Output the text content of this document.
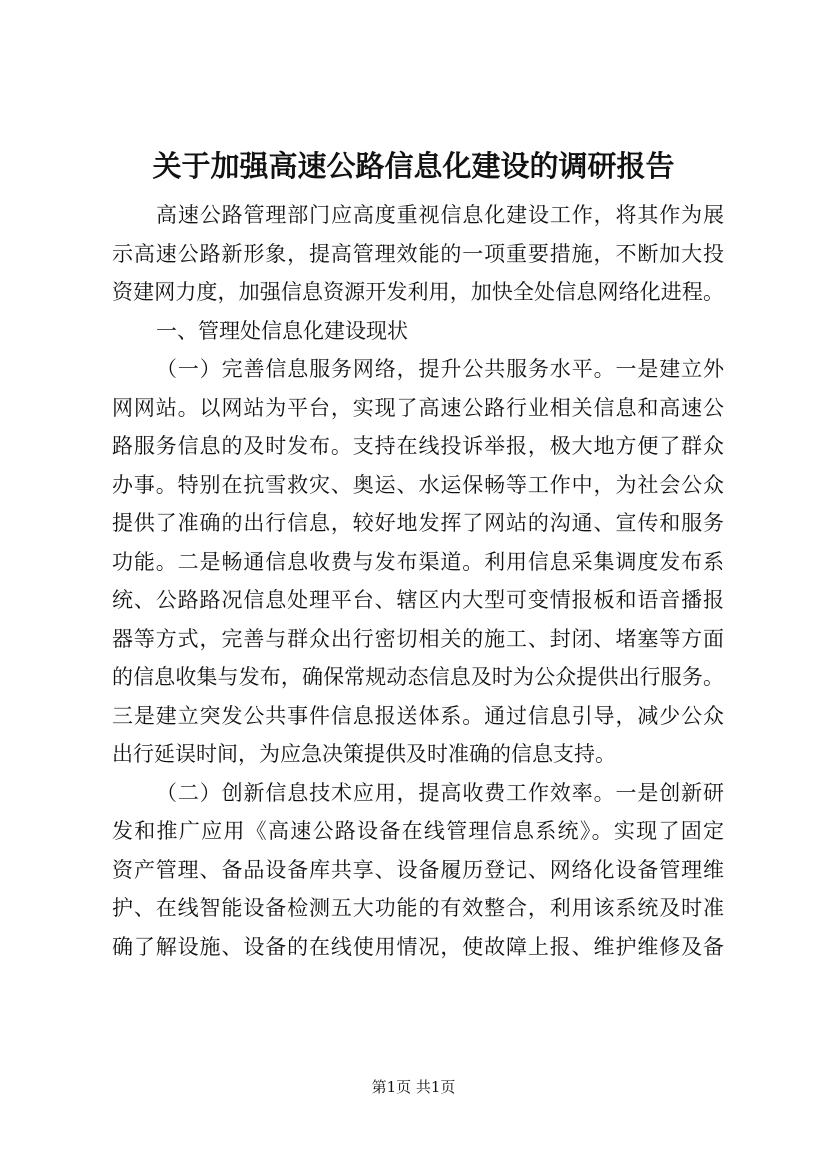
关于加强高速公路信息化建设的调研报告
高速公路管理部门应高度重视信息化建设工作，将其作为展
示高速公路新形象，提高管理效能的一项重要措施，不断加大投
资建网力度，加强信息资源开发利用，加快全处信息网络化进程。
一、管理处信息化建设现状
（一）完善信息服务网络，提升公共服务水平。一是建立外
网网站。以网站为平台，实现了高速公路行业相关信息和高速公
路服务信息的及时发布。支持在线投诉举报，极大地方便了群众
办事。特别在抗雪救灾、奥运、水运保畅等工作中，为社会公众
提供了准确的出行信息，较好地发挥了网站的沟通、宣传和服务
功能。二是畅通信息收费与发布渠道。利用信息采集调度发布系
统、公路路况信息处理平台、辖区内大型可变情报板和语音播报
器等方式，完善与群众出行密切相关的施工、封闭、堵塞等方面
的信息收集与发布，确保常规动态信息及时为公众提供出行服务。
三是建立突发公共事件信息报送体系。通过信息引导，减少公众
出行延误时间，为应急决策提供及时准确的信息支持。
（二）创新信息技术应用，提高收费工作效率。一是创新研
发和推广应用《高速公路设备在线管理信息系统》。实现了固定
资产管理、备品设备库共享、设备履历登记、网络化设备管理维
护、在线智能设备检测五大功能的有效整合，利用该系统及时准
确了解设施、设备的在线使用情况，使故障上报、维护维修及备
第1页 共1页
